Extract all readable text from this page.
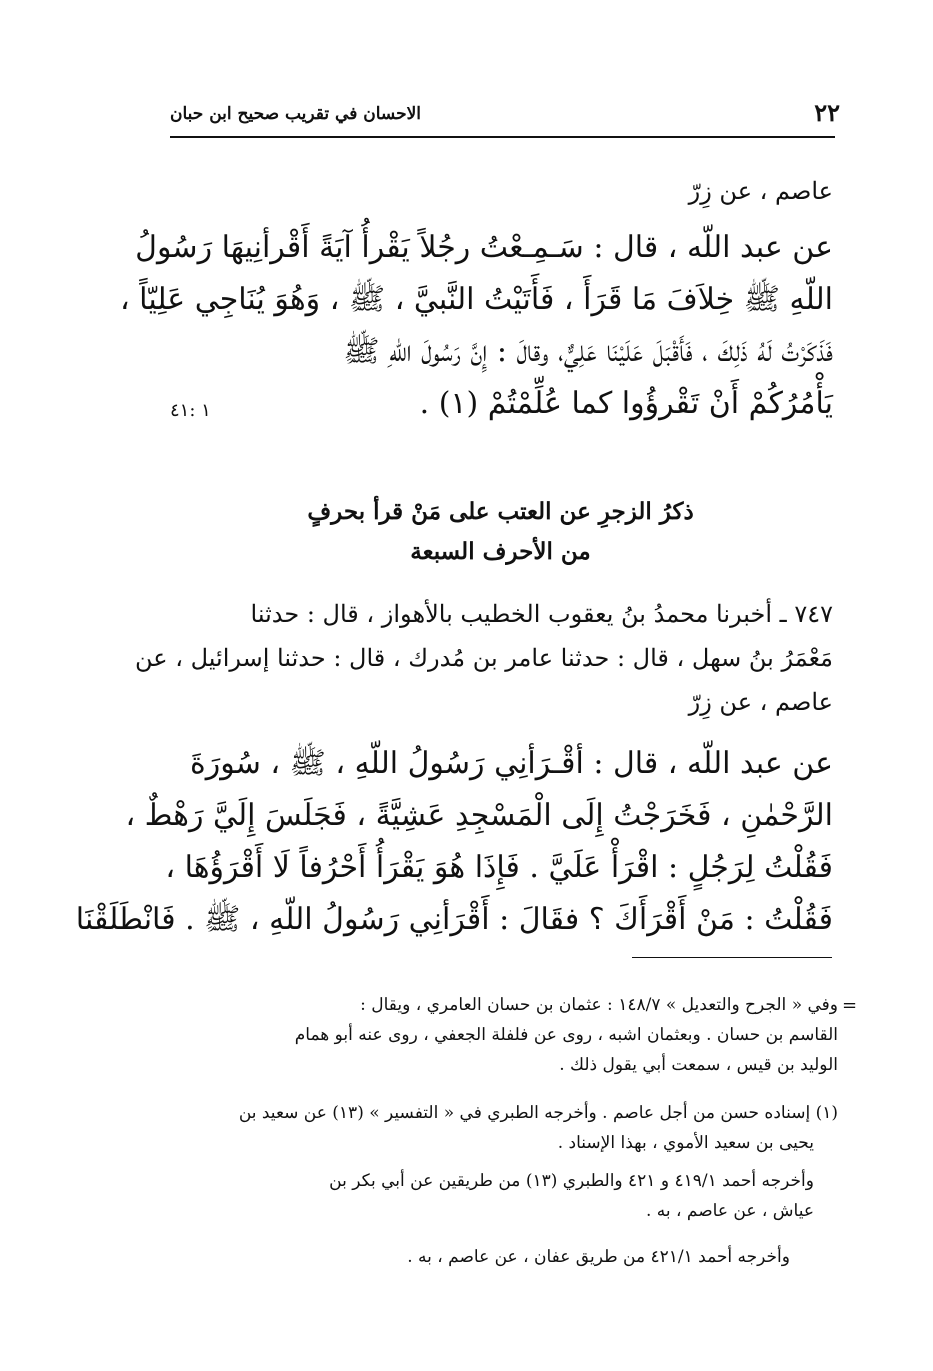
٢٢
الاحسان في تقريب صحيح ابن حبان
عاصم ، عن زِرّ
عن عبد اللّه ، قال : سَـمِـعْتُ رجُلاً يَقْرأُ آيَةً أَقْرأنِيهَا رَسُولُ
اللّهِ ﷺ خِلاَفَ مَا قَرَأَ ، فَأَتَيْتُ النَّبيَّ ، ﷺ ، وَهُوَ يُنَاجِي عَلِيّاً ،
فَذَكَرْتُ لَهُ ذَلِكَ ، فَأَقْبَلَ عَلَيْنَا عَلِيٌّ، وقالَ : إِنَّ رَسُولَ اللّهِ ﷺ
يَأْمُرُكُمْ أَنْ تَقْرؤُوا كما عُلِّمْتُمْ (١) .
١ :٤١
ذكرُ الزجرِ عن العتب على مَنْ قرأ بحرفٍ
من الأحرف السبعة
٧٤٧ ـ أخبرنا محمدُ بنُ يعقوب الخطيب بالأهواز ، قال : حدثنا
مَعْمَرُ بنُ سهل ، قال : حدثنا عامر بن مُدرك ، قال : حدثنا إسرائيل ، عن
عاصم ، عن زِرّ
عن عبد اللّه ، قال : أقْـرَأنِي رَسُولُ اللّهِ ، ﷺ ، سُورَةَ
الرَّحْمٰنِ ، فَخَرَجْتُ إِلَى الْمَسْجِدِ عَشِيَّةً ، فَجَلَسَ إِلَيَّ رَهْطٌ ،
فَقُلْتُ لِرَجُلٍ : اقْرَأْ عَلَيَّ . فَإِذَا هُوَ يَقْرَأُ أَحْرُفاً لَا أَقْرَؤُهَا ،
فَقُلْتُ : مَنْ أَقْرَأَكَ ؟ فقَالَ : أَقْرَأنِي رَسُولُ اللّهِ ، ﷺ . فَانْطَلَقْنَا
=
وفي « الجرح والتعديل » ١٤٨/٧ : عثمان بن حسان العامري ، ويقال :
القاسم بن حسان . وبعثمان اشبه ، روى عن فلفلة الجعفي ، روى عنه أبو همام
الوليد بن قيس ، سمعت أبي يقول ذلك .
(١) إسناده حسن من أجل عاصم . وأخرجه الطبري في « التفسير » (١٣) عن سعيد بن
يحيى بن سعيد الأموي ، بهذا الإسناد .
وأخرجه أحمد ٤١٩/١ و ٤٢١ والطبري (١٣) من طريقين عن أبي بكر بن
عياش ، عن عاصم ، به .
وأخرجه أحمد ٤٢١/١ من طريق عفان ، عن عاصم ، به .
